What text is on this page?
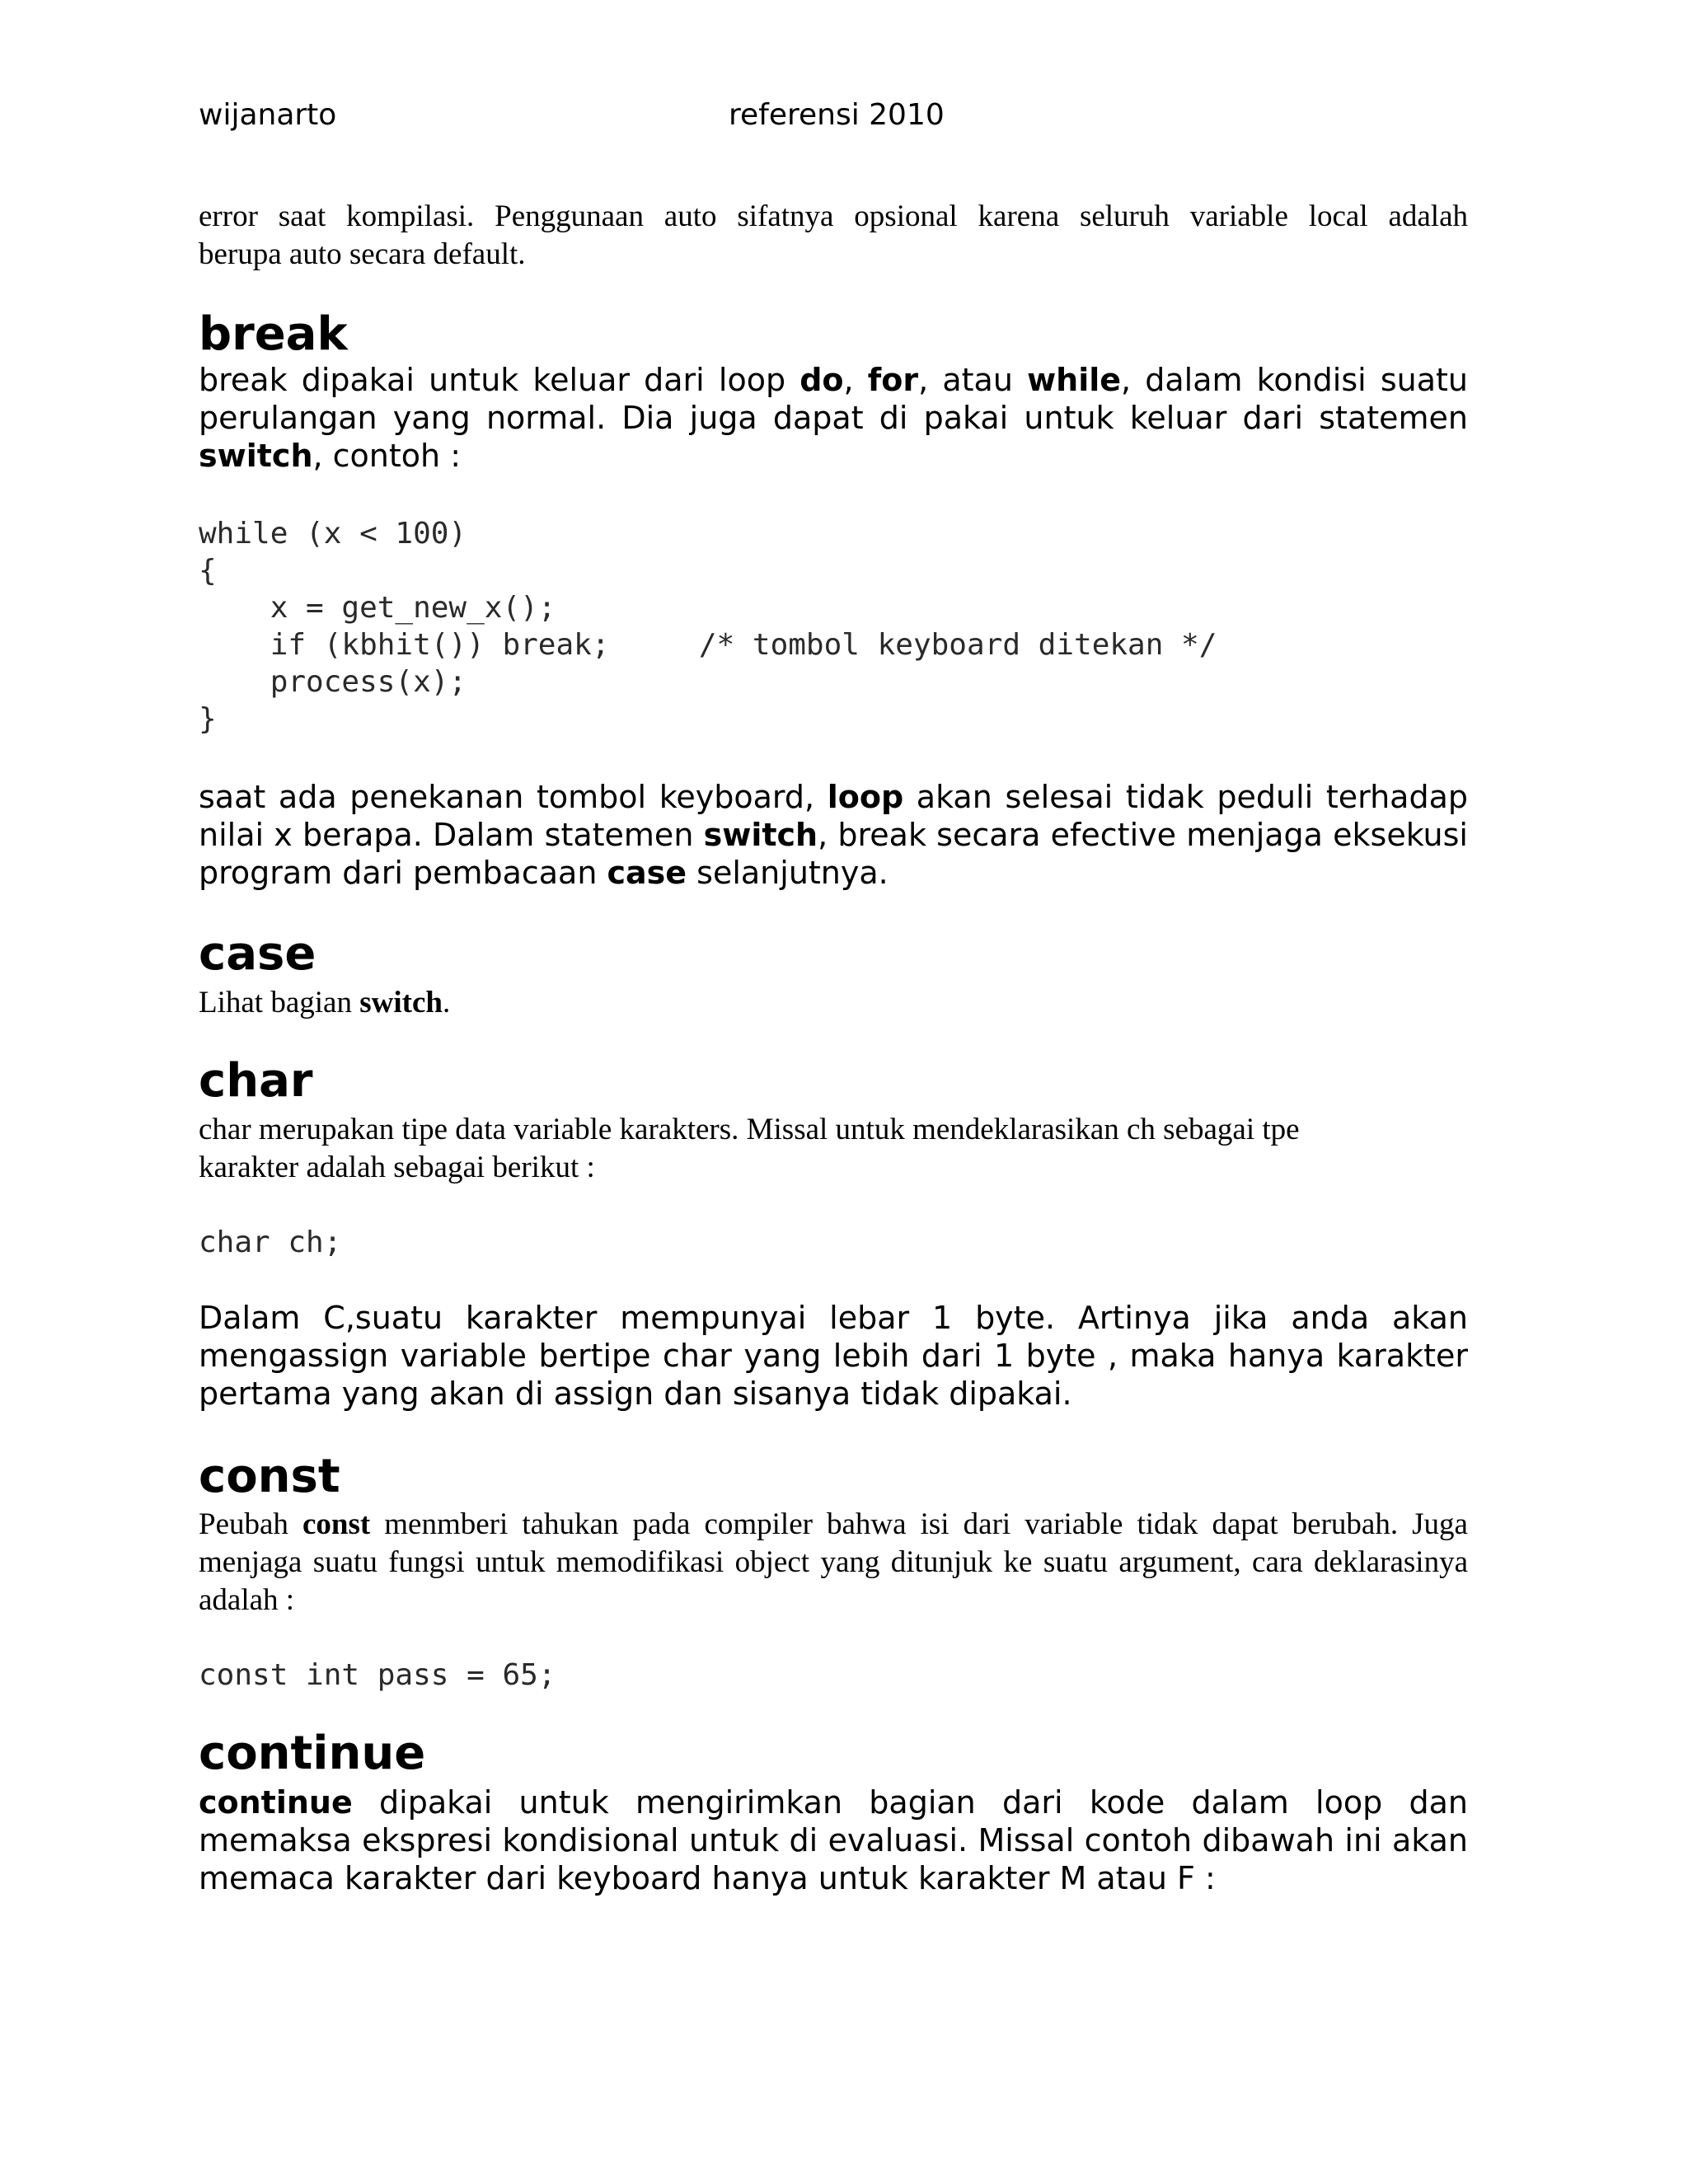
wijanarto	referensi 2010
error saat kompilasi. Penggunaan auto sifatnya opsional karena seluruh variable local adalah
berupa auto secara default.
break

break dipakai untuk keluar dari loop do, for, atau while, dalam kondisi suatu perulangan yang normal. Dia juga dapat di pakai untuk keluar dari statemen switch, contoh :

while (x < 100)
{
x = get_new_x();
if (kbhit()) break;     /* tombol keyboard ditekan */
process(x);
}

saat ada penekanan tombol keyboard, loop akan selesai tidak peduli terhadap nilai x berapa. Dalam statemen switch, break secara efective menjaga eksekusi program dari pembacaan case selanjutnya.

case

Lihat bagian switch.

char
char merupakan tipe data variable karakters. Missal untuk mendeklarasikan ch sebagai tpe
karakter adalah sebagai berikut :
char ch;

Dalam C,suatu karakter mempunyai lebar 1 byte. Artinya jika anda akan mengassign variable bertipe char yang lebih dari 1 byte , maka hanya karakter pertama yang akan di assign dan sisanya tidak dipakai.

const

Peubah const menmberi tahukan pada compiler bahwa isi dari variable tidak dapat berubah. Juga menjaga suatu fungsi untuk memodifikasi object yang ditunjuk ke suatu argument, cara deklarasinya adalah :

const int pass = 65;
continue

continue dipakai untuk mengirimkan bagian dari kode dalam loop dan memaksa ekspresi kondisional untuk di evaluasi. Missal contoh dibawah ini akan memaca karakter dari keyboard hanya untuk karakter M atau F :
